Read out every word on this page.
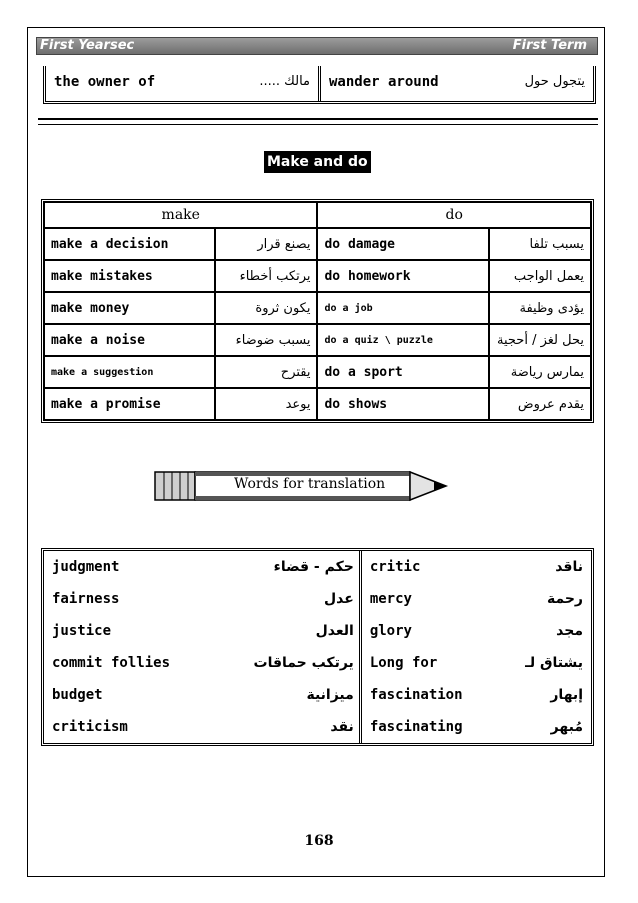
First Yearsec	First Term
the owner of	مالك ..... wander around	يتجول حول
Make and do
make		do	
make a decision	يصنع قرار	do damage	يسبب تلفا
make mistakes	يرتكب أخطاء	do homework	يعمل الواجب
make money	يكون ثروة	do a job	يؤدى وظيفة
make a noise	يسبب ضوضاء	do a quiz \ puzzle	يحل لغز / أحجية
make a suggestion	يقترح	do a sport	يمارس رياضة
make a promise	يوعد	do shows	يقدم عروض
Words for translation
judgment	حكم - قضاء	critic	ناقد
fairness	عدل	mercy	رحمة
justice	العدل	glory	مجد
commit follies	يرتكب حماقات	Long for	يشتاق لـ
budget	ميزانية	fascination	إبهار
criticism	نقد	fascinating	مُبهر
168
